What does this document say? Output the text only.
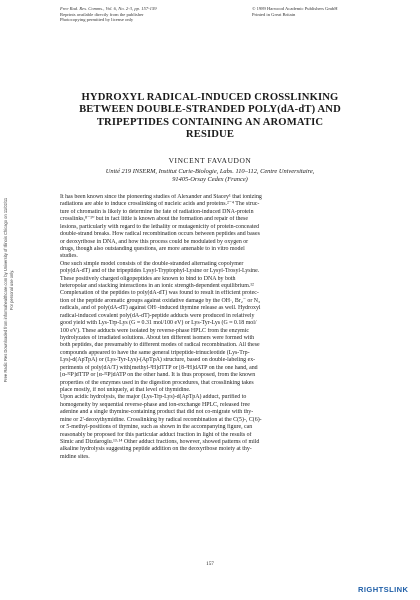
Free Rad. Res. Comms., Vol. 6, No. 2-3, pp. 157-159
Reprints available directly from the publisher
Photocopying permitted by license only
© 1989 Harwood Academic Publishers GmbH
Printed in Great Britain
HYDROXYL RADICAL-INDUCED CROSSLINKING
BETWEEN DOUBLE-STRANDED POLY(dA-dT) AND
TRIPEPTIDES CONTAINING AN AROMATIC
RESIDUE
VINCENT FAVAUDON
Unité 219 INSERM, Institut Curie-Biologie, Labs. 110–112, Centre Universitaire,
91405-Orsay Cedex (France)
It has been known since the pioneering studies of Alexander and Stacey¹ that ionizing
radiations are able to induce crosslinking of nucleic acids and proteins.²⁻⁴ The struc-
ture of chromatin is likely to determine the fate of radiation-induced DNA-protein
crosslinks,⁸⁻¹⁰ but in fact little is known about the formation and repair of these
lesions, particularly with regard to the lethality or mutagenicity of protein-conceated
double-strand breaks. How radical recombination occurs between peptides and bases
or deoxyribose in DNA, and how this process could be modulated by oxygen or
drugs, though also outstanding questions, are more amenable to in vitro model
studies.
One such simple model consists of the double-stranded alternating copolymer
poly(dA-dT) and of the tripeptides Lysyl-Tryptophyl-Lysine or Lysyl-Trosyl-Lysine.
These positively charged oligopeptides are known to bind to DNA by both
heteropolar and stacking interactions in an ionic strength-dependent equilibrium.¹²
Complexation of the peptides to poly(dA-dT) was found to result in efficient protec-
tion of the peptide aromatic groups against oxidative damage by the OH·, Br₂⁻ or N₃
radicals, and of poly(dA-dT) against OH·-induced thymine release as well. Hydroxyl
radical-induced covalent poly(dA-dT)-peptide adducts were produced in relatively
good yield with Lys-Trp-Lys (G ≈ 0.31 mol/100 eV) or Lys-Tyr-Lys (G ≈ 0.18 mol/
100 eV). These adducts were isolated by reverse-phase HPLC from the enzymic
hydrolyzates of irradiated solutions. About ten different isomers were formed with
both peptides, due presumably to different modes of radical recombination. All these
compounds appeared to have the same general tripeptide-trinucleotide (Lys-Trp-
Lys)-d(ApTpA) or (Lys-Tyr-Lys)-(ApTpA) structure, based on double-labeling ex-
periments of poly(dA/T) with[methyl-³H]dTTP or [8-³H]dATP on the one hand, and
[α-³²P]dTTP or [α-³²P]dATP on the other hand. It is thus proposed, from the known
properties of the enzymes used in the digestion procedures, that crosslinking takes
place mostly, if not uniquely, at that level of thymidine.
Upon acidic hydrolysis, the major (Lys-Trp-Lys)-d(ApTpA) adduct, purified to
homogeneity by sequential reverse-phase and ion-exchange HPLC, released free
adenine and a single thymine-containing product that did not co-migrate with thy-
mine or 2'-deoxythymidine. Crosslinking by radical recombination at the C(5)-, C(6)-
or 5-methyl-positions of thymine, such as shown in the accompanying figure, can
reasonably be proposed for this particular adduct fraction in light of the results of
Simic and Dizdaroglu.¹³·¹⁴ Other adduct fractions, however, showed patterns of mild
alkaline hydrolysis suggesting peptide addition on the deoxyribose moiety at thy-
midine sites.
157
Free Radic Res Downloaded from informahealthcare.com by University of Illinois Chicago on 11/02/11 For personal use only.
RIGHTSLINK
